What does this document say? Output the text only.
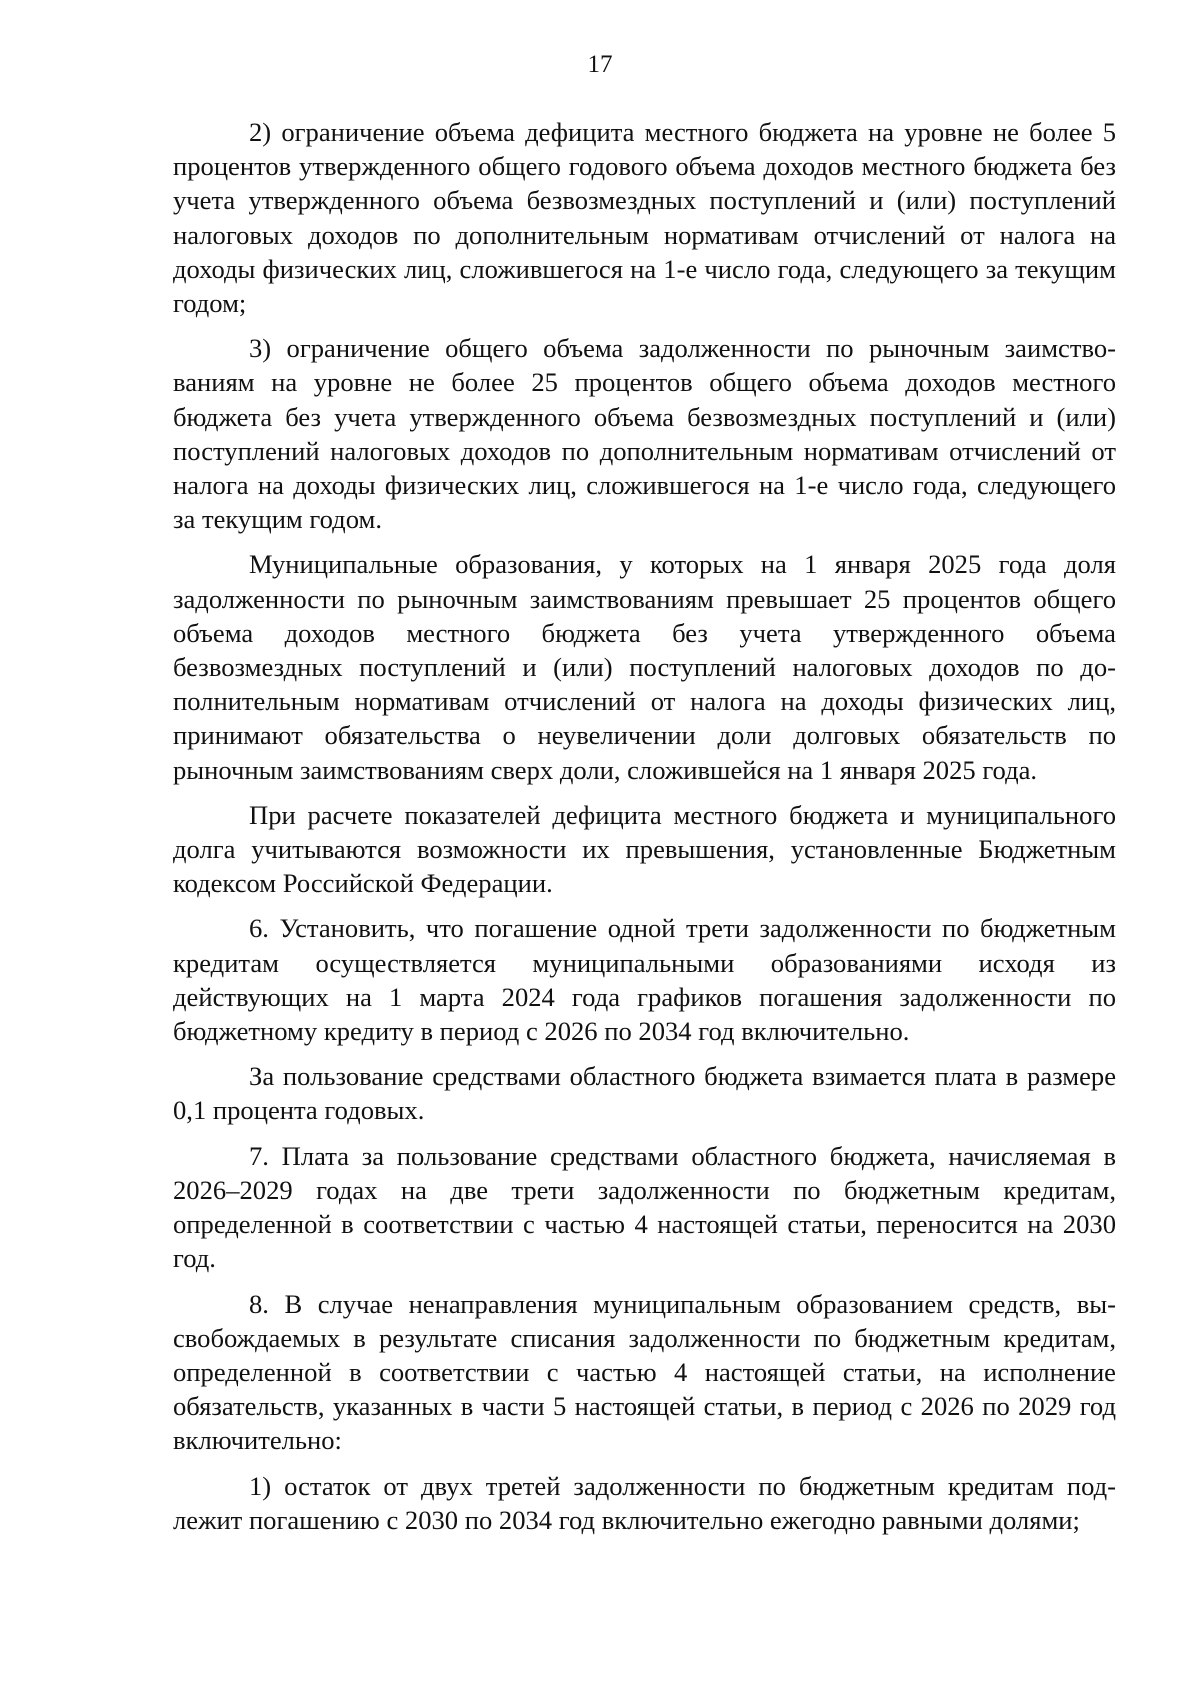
17

2) ограничение объема дефицита местного бюджета на уровне не более 5 процентов утвержденного общего годового объема доходов местного бюджета без учета утвержденного объема безвозмездных поступлений и (или) поступлений налоговых доходов по дополнительным нормативам отчислений от налога на доходы физических лиц, сложившегося на 1-е число года, следующего за текущим годом;

3) ограничение общего объема задолженности по рыночным заимствованиям на уровне не более 25 процентов общего объема доходов местного бюджета без учета утвержденного объема безвозмездных поступлений и (или) поступлений налоговых доходов по дополнительным нормативам отчислений от налога на доходы физических лиц, сложившегося на 1-е число года, следующего за текущим годом.

Муниципальные образования, у которых на 1 января 2025 года доля задолженности по рыночным заимствованиям превышает 25 процентов общего объема доходов местного бюджета без учета утвержденного объема безвозмездных поступлений и (или) поступлений налоговых доходов по дополнительным нормативам отчислений от налога на доходы физических лиц, принимают обязательства о неувеличении доли долговых обязательств по рыночным заимствованиям сверх доли, сложившейся на 1 января 2025 года.

При расчете показателей дефицита местного бюджета и муниципального долга учитываются возможности их превышения, установленные Бюджетным кодексом Российской Федерации.

6. Установить, что погашение одной трети задолженности по бюджетным кредитам осуществляется муниципальными образованиями исходя из действующих на 1 марта 2024 года графиков погашения задолженности по бюджетному кредиту в период с 2026 по 2034 год включительно.

За пользование средствами областного бюджета взимается плата в размере 0,1 процента годовых.

7. Плата за пользование средствами областного бюджета, начисляемая в 2026–2029 годах на две трети задолженности по бюджетным кредитам, определенной в соответствии с частью 4 настоящей статьи, переносится на 2030 год.

8. В случае ненаправления муниципальным образованием средств, высвобождаемых в результате списания задолженности по бюджетным кредитам, определенной в соответствии с частью 4 настоящей статьи, на исполнение обязательств, указанных в части 5 настоящей статьи, в период с 2026 по 2029 год включительно:

1) остаток от двух третей задолженности по бюджетным кредитам подлежит погашению с 2030 по 2034 год включительно ежегодно равными долями;
